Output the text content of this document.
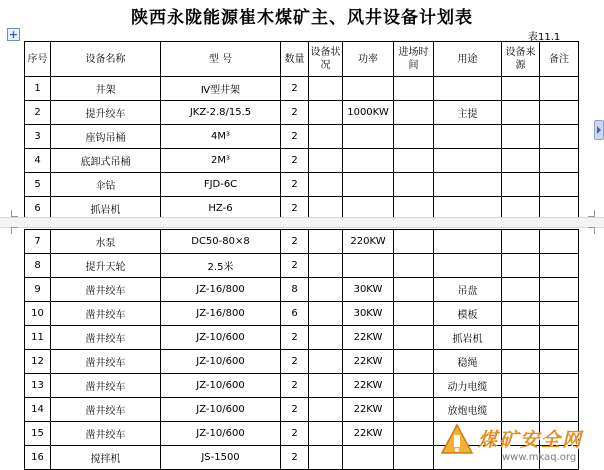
陕西永陇能源崔木煤矿主、风井设备计划表
+	表11.1
序号	设备名称	型 号	数量	设备状况	功率	进场时间	用途	设备来源	备注
1	井架	Ⅳ型井架	2						
2	提升绞车	JKZ-2.8/15.5	2		1000KW		主提		
3	座钩吊桶	4M³	2						
4	底卸式吊桶	2M³	2						
5	伞钻	FJD-6C	2						
6	抓岩机	HZ-6	2						
7	水泵	DC50-80×8	2		220KW				
8	提升天轮	2.5米	2						
9	凿井绞车	JZ-16/800	8		30KW		吊盘		
10	凿井绞车	JZ-16/800	6		30KW		模板		
11	凿井绞车	JZ-10/600	2		22KW		抓岩机		
12	凿井绞车	JZ-10/600	2		22KW		稳绳		
13	凿井绞车	JZ-10/600	2		22KW		动力电缆		
14	凿井绞车	JZ-10/600	2		22KW		放炮电缆		
15	凿井绞车	JZ-10/600	2		22KW				
16	搅拌机	JS-1500	2						
煤矿安全网
www.mkaq.org
